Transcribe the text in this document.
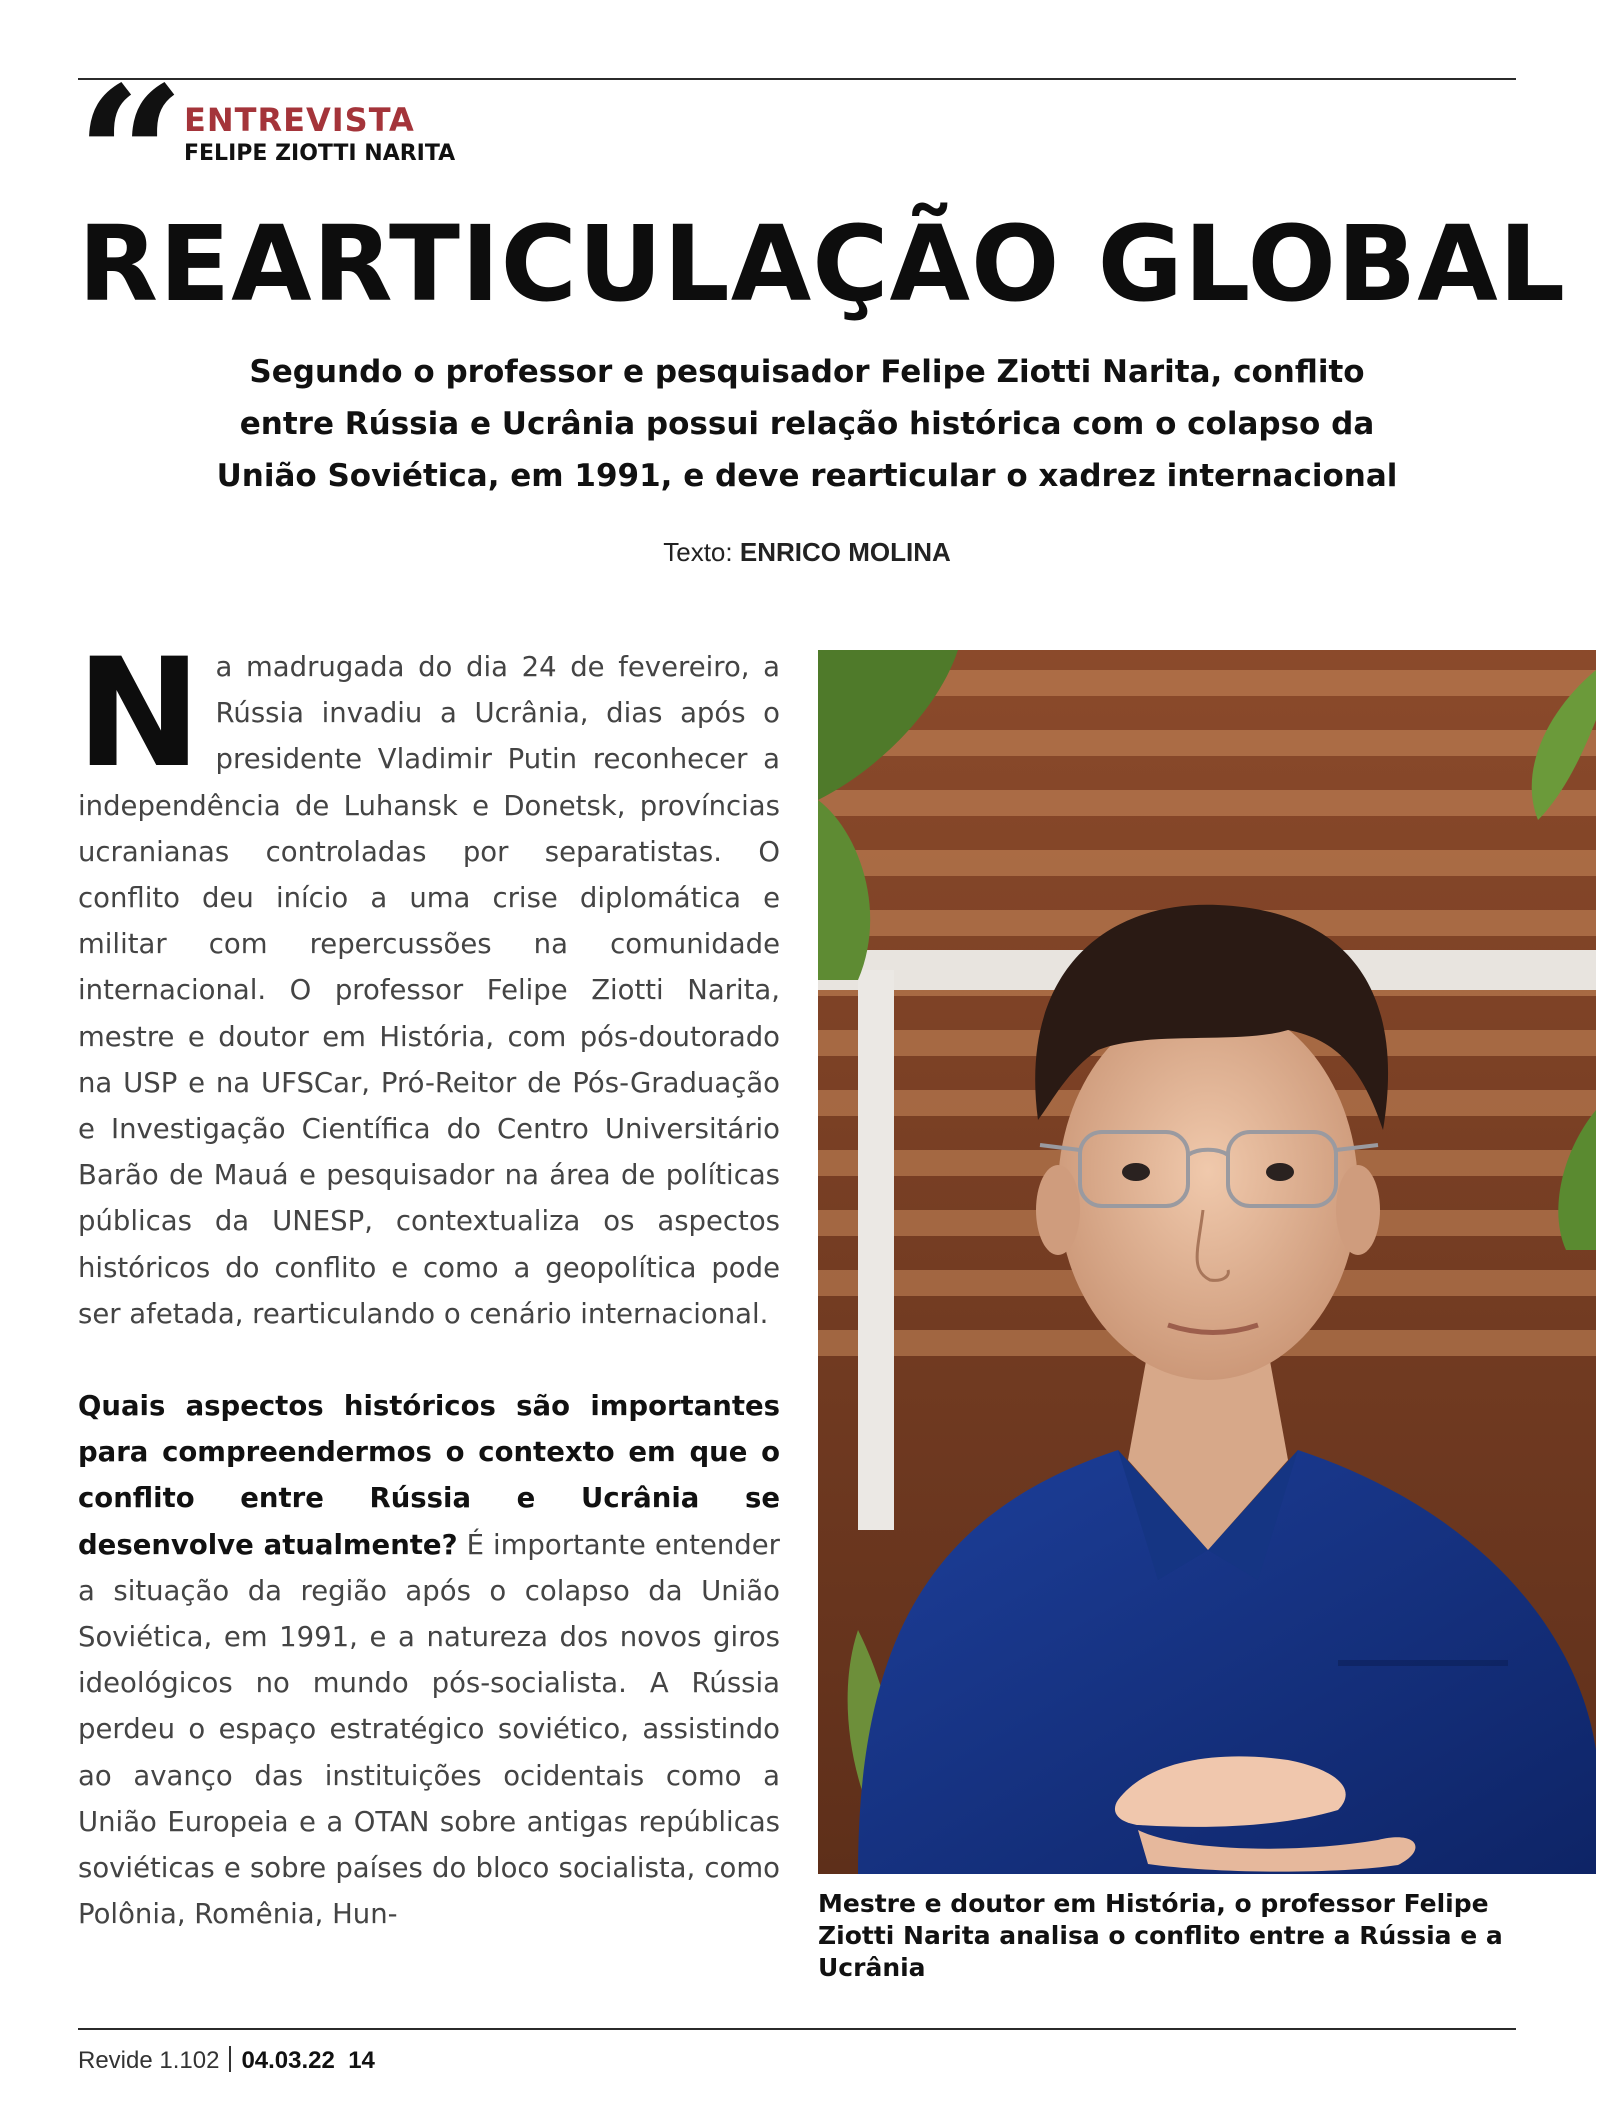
“
ENTREVISTA
FELIPE ZIOTTI NARITA
REARTICULAÇÃO GLOBAL
Segundo o professor e pesquisador Felipe Ziotti Narita, conflito entre Rússia e Ucrânia possui relação histórica com o colapso da União Soviética, em 1991, e deve rearticular o xadrez internacional
Texto: ENRICO MOLINA

N a madrugada do dia 24 de fevereiro, a Rússia invadiu a Ucrânia, dias após o presidente Vladimir Putin reconhecer a independência de Luhansk e Donetsk, províncias ucranianas controladas por separatistas. O conflito deu início a uma crise diplomática e militar com repercussões na comunidade internacional. O professor Felipe Ziotti Narita, mestre e doutor em História, com pós-doutorado na USP e na UFSCar, Pró-Reitor de Pós-Graduação e Investigação Científica do Centro Universitário Barão de Mauá e pesquisador na área de políticas públicas da UNESP, contextualiza os aspectos históricos do conflito e como a geopolítica pode ser afetada, rearticulando o cenário internacional.

Quais aspectos históricos são importantes para compreendermos o contexto em que o conflito entre Rússia e Ucrânia se desenvolve atualmente? É importante entender a situação da região após o colapso da União Soviética, em 1991, e a natureza dos novos giros ideológicos no mundo pós-socialista. A Rússia perdeu o espaço estratégico soviético, assistindo ao avanço das instituições ocidentais como a União Europeia e a OTAN sobre antigas repúblicas soviéticas e sobre países do bloco socialista, como Polônia, Romênia, Hun-	Mestre e doutor em História, o professor Felipe Ziotti Narita analisa o conflito entre a Rússia e a Ucrânia
Revide 1.102 04.03.22 14
